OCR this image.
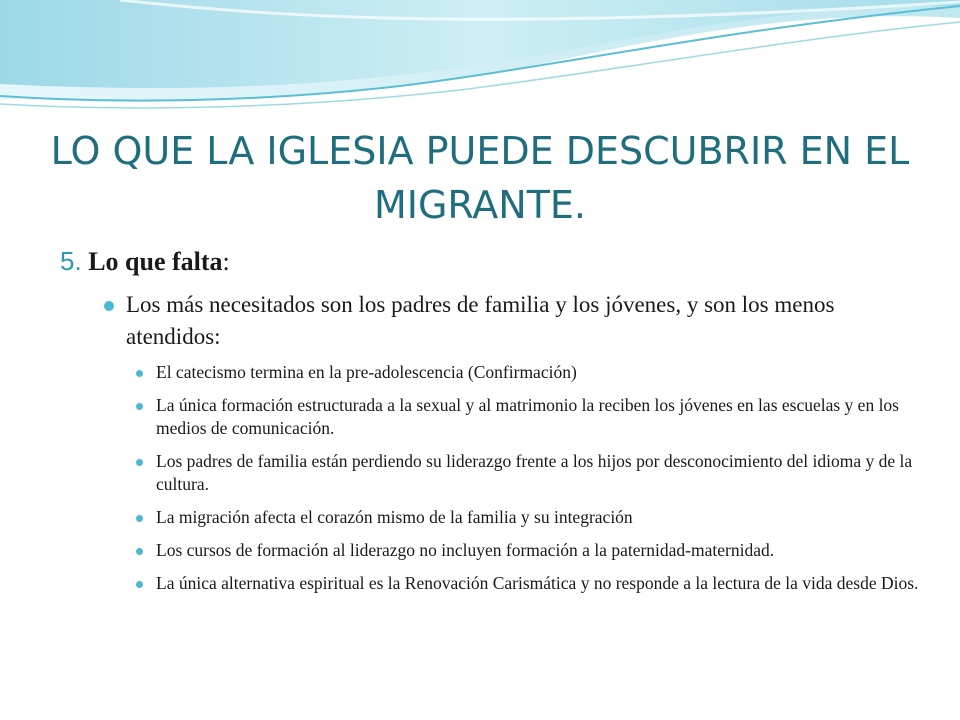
LO QUE LA IGLESIA PUEDE DESCUBRIR EN EL MIGRANTE.

5. Lo que falta:

Los más necesitados son los padres de familia y los jóvenes, y son los menos atendidos:
El catecismo termina en la pre-adolescencia (Confirmación)
La única formación estructurada a la sexual y al matrimonio la reciben los jóvenes en las escuelas y en los medios de comunicación.
Los padres de familia están perdiendo su liderazgo frente a los hijos por desconocimiento del idioma y de la cultura.
La migración afecta el corazón mismo de la familia y su integración
Los cursos de formación al liderazgo no incluyen formación a la paternidad-maternidad.
La única alternativa espiritual es la Renovación Carismática y no responde a la lectura de la vida desde Dios.
